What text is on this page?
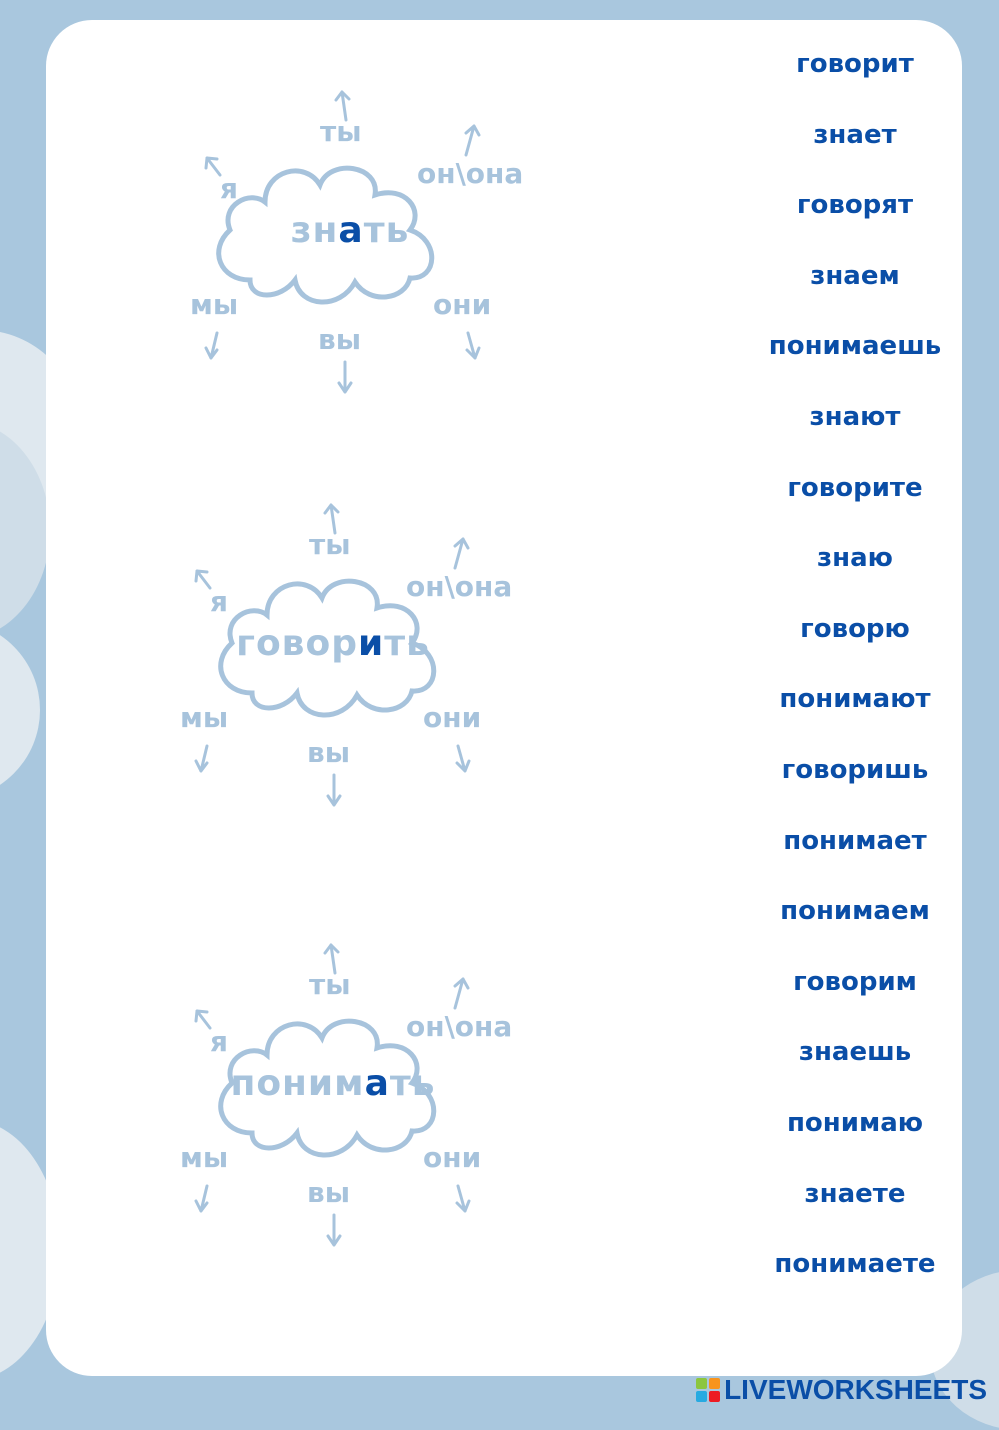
знать
я
ты
он\она
мы
вы
они
говорить
я
ты
он\она
мы
вы
они
понимать
я
ты
он\она
мы
вы
они
говорит
знает
говорят
знаем
понимаешь
знают
говорите
знаю
говорю
понимают
говоришь
понимает
понимаем
говорим
знаешь
понимаю
знаете
понимаете
LIVEWORKSHEETS
